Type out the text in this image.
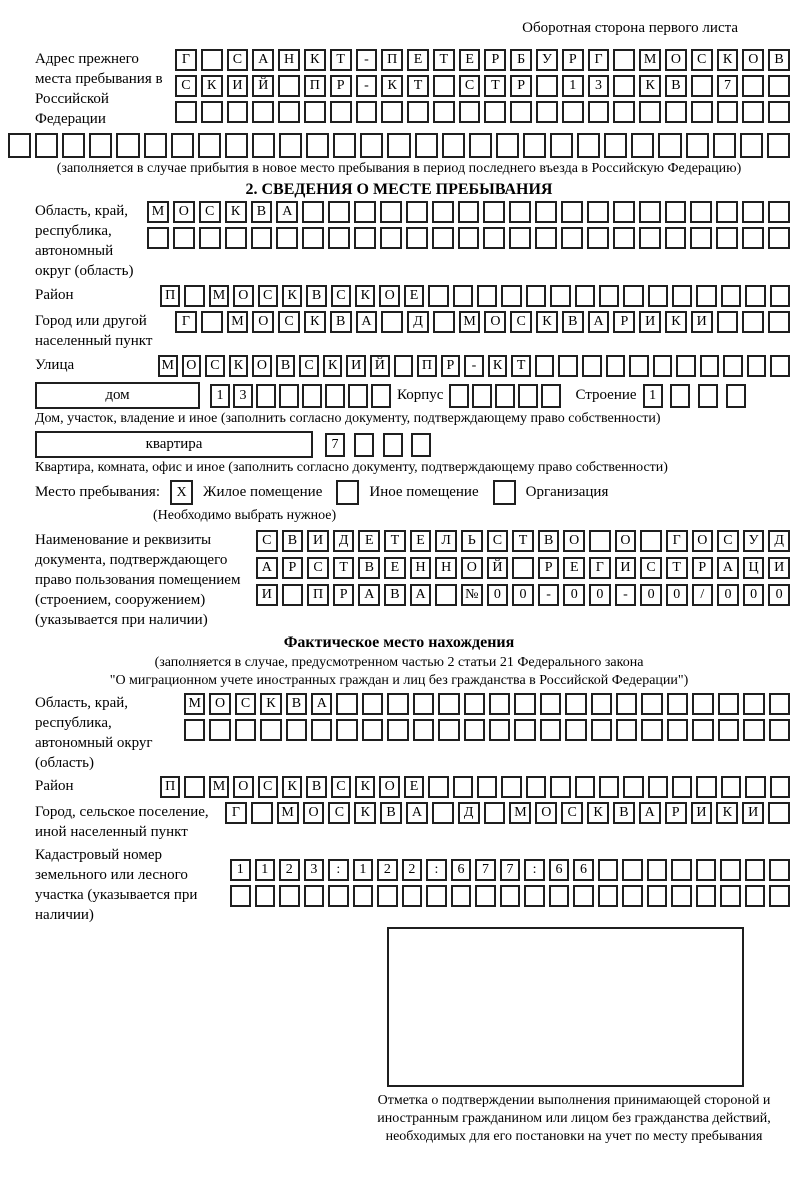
Оборотная сторона первого листа
Адрес прежнего места пребывания в Российской Федерации
Г	С	А	Н	К	Т	-	П	Е	Т	Е	Р	Б	У	Р	Г	М	О	С	К	О	В
С	К	И	Й	П	Р	-	К	Т	С	Т	Р	1	3	К	В	7
(заполняется в случае прибытия в новое место пребывания в период последнего въезда в Российскую Федерацию)
2. СВЕДЕНИЯ О МЕСТЕ ПРЕБЫВАНИЯ
Область, край, республика, автономный округ (область)
М	О	С	К	В	А
Район	П	М О	С	К	В	С	К	О	Е
Город или другой населенный пункт
Г	М	О	С	К	В	А	Д	М	О	С	К	В	А	Р	И	К	И
Улица	М О С	К О В	С	К И Й	П	Р	-	К	Т
дом	1	3	Корпус	Строение 1
Дом, участок, владение и иное (заполнить согласно документу, подтверждающему право собственности)
квартира	7
Квартира, комната, офис и иное (заполнить согласно документу, подтверждающему право собственности)
Место пребывания:	X	Жилое помещение	Иное помещение	Организация
(Необходимо выбрать нужное)
Наименование и реквизиты документа, подтверждающего право пользования помещением (строением, сооружением) (указывается при наличии)
С	В	И	Д	Е	Т	Е	Л	Ь	С	Т	В	О	О	Г	О	С	У	Д
А	Р	С	Т	В	Е	Н	Н	О	Й	Р	Е	Г	И	С	Т	Р	А	Ц	И
И	П	Р	А	В	А	№	0	0	-	0	0	-	0	0	/	0	0	0
Фактическое место нахождения
(заполняется в случае, предусмотренном частью 2 статьи 21 Федерального закона
"О миграционном учете иностранных граждан и лиц без гражданства в Российской Федерации")
Область, край, республика, автономный округ (область)
М	О	С	К	В	А
Район	П	М О	С	К	В	С	К	О	Е
Город, сельское поселение, иной населенный пункт
Г	М	О	С	К	В	А	Д	М	О	С	К	В	А	Р	И	К	И
Кадастровый номер земельного или лесного участка (указывается при наличии)
1	1	2	3	:	1	2	2	:	6	7	7	:	6	6
Отметка о подтверждении выполнения принимающей стороной и иностранным гражданином или лицом без гражданства действий, необходимых для его постановки на учет по месту пребывания
